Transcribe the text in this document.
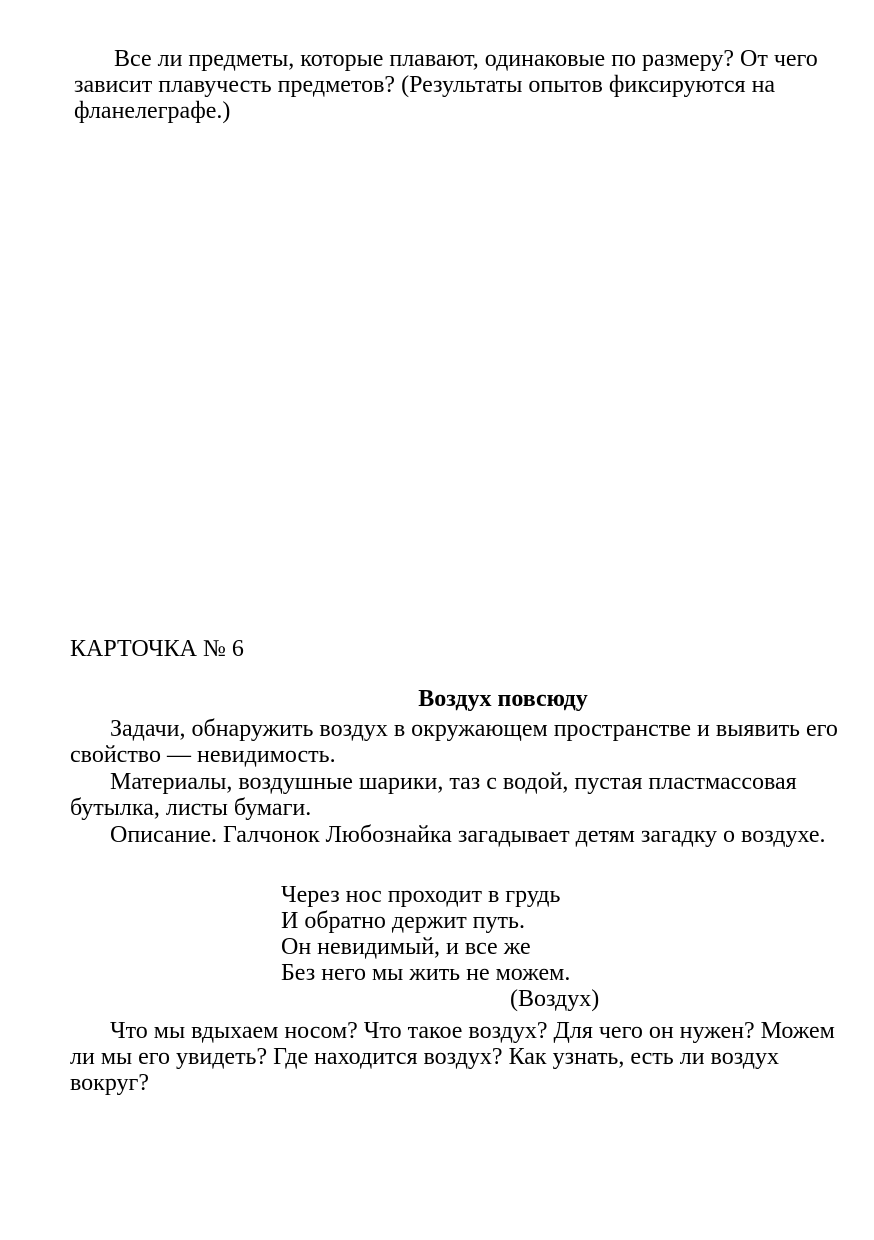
Все ли предметы, которые плавают, одинаковые по размеру? От чего зависит плавучесть предметов? (Результаты опытов фиксируются на фланелеграфе.)
КАРТОЧКА № 6
Воздух повсюду
Задачи, обнаружить воздух в окружающем пространстве и выявить его свойство — невидимость.
Материалы, воздушные шарики, таз с водой, пустая пластмассовая бутылка, листы бумаги.
Описание. Галчонок Любознайка загадывает детям загадку о воздухе.
Через нос проходит в грудь
И обратно держит путь.
Он невидимый, и все же
Без него мы жить не можем.
(Воздух)
Что мы вдыхаем носом? Что такое воздух? Для чего он нужен? Можем ли мы его увидеть? Где находится воздух? Как узнать, есть ли воздух вокруг?
